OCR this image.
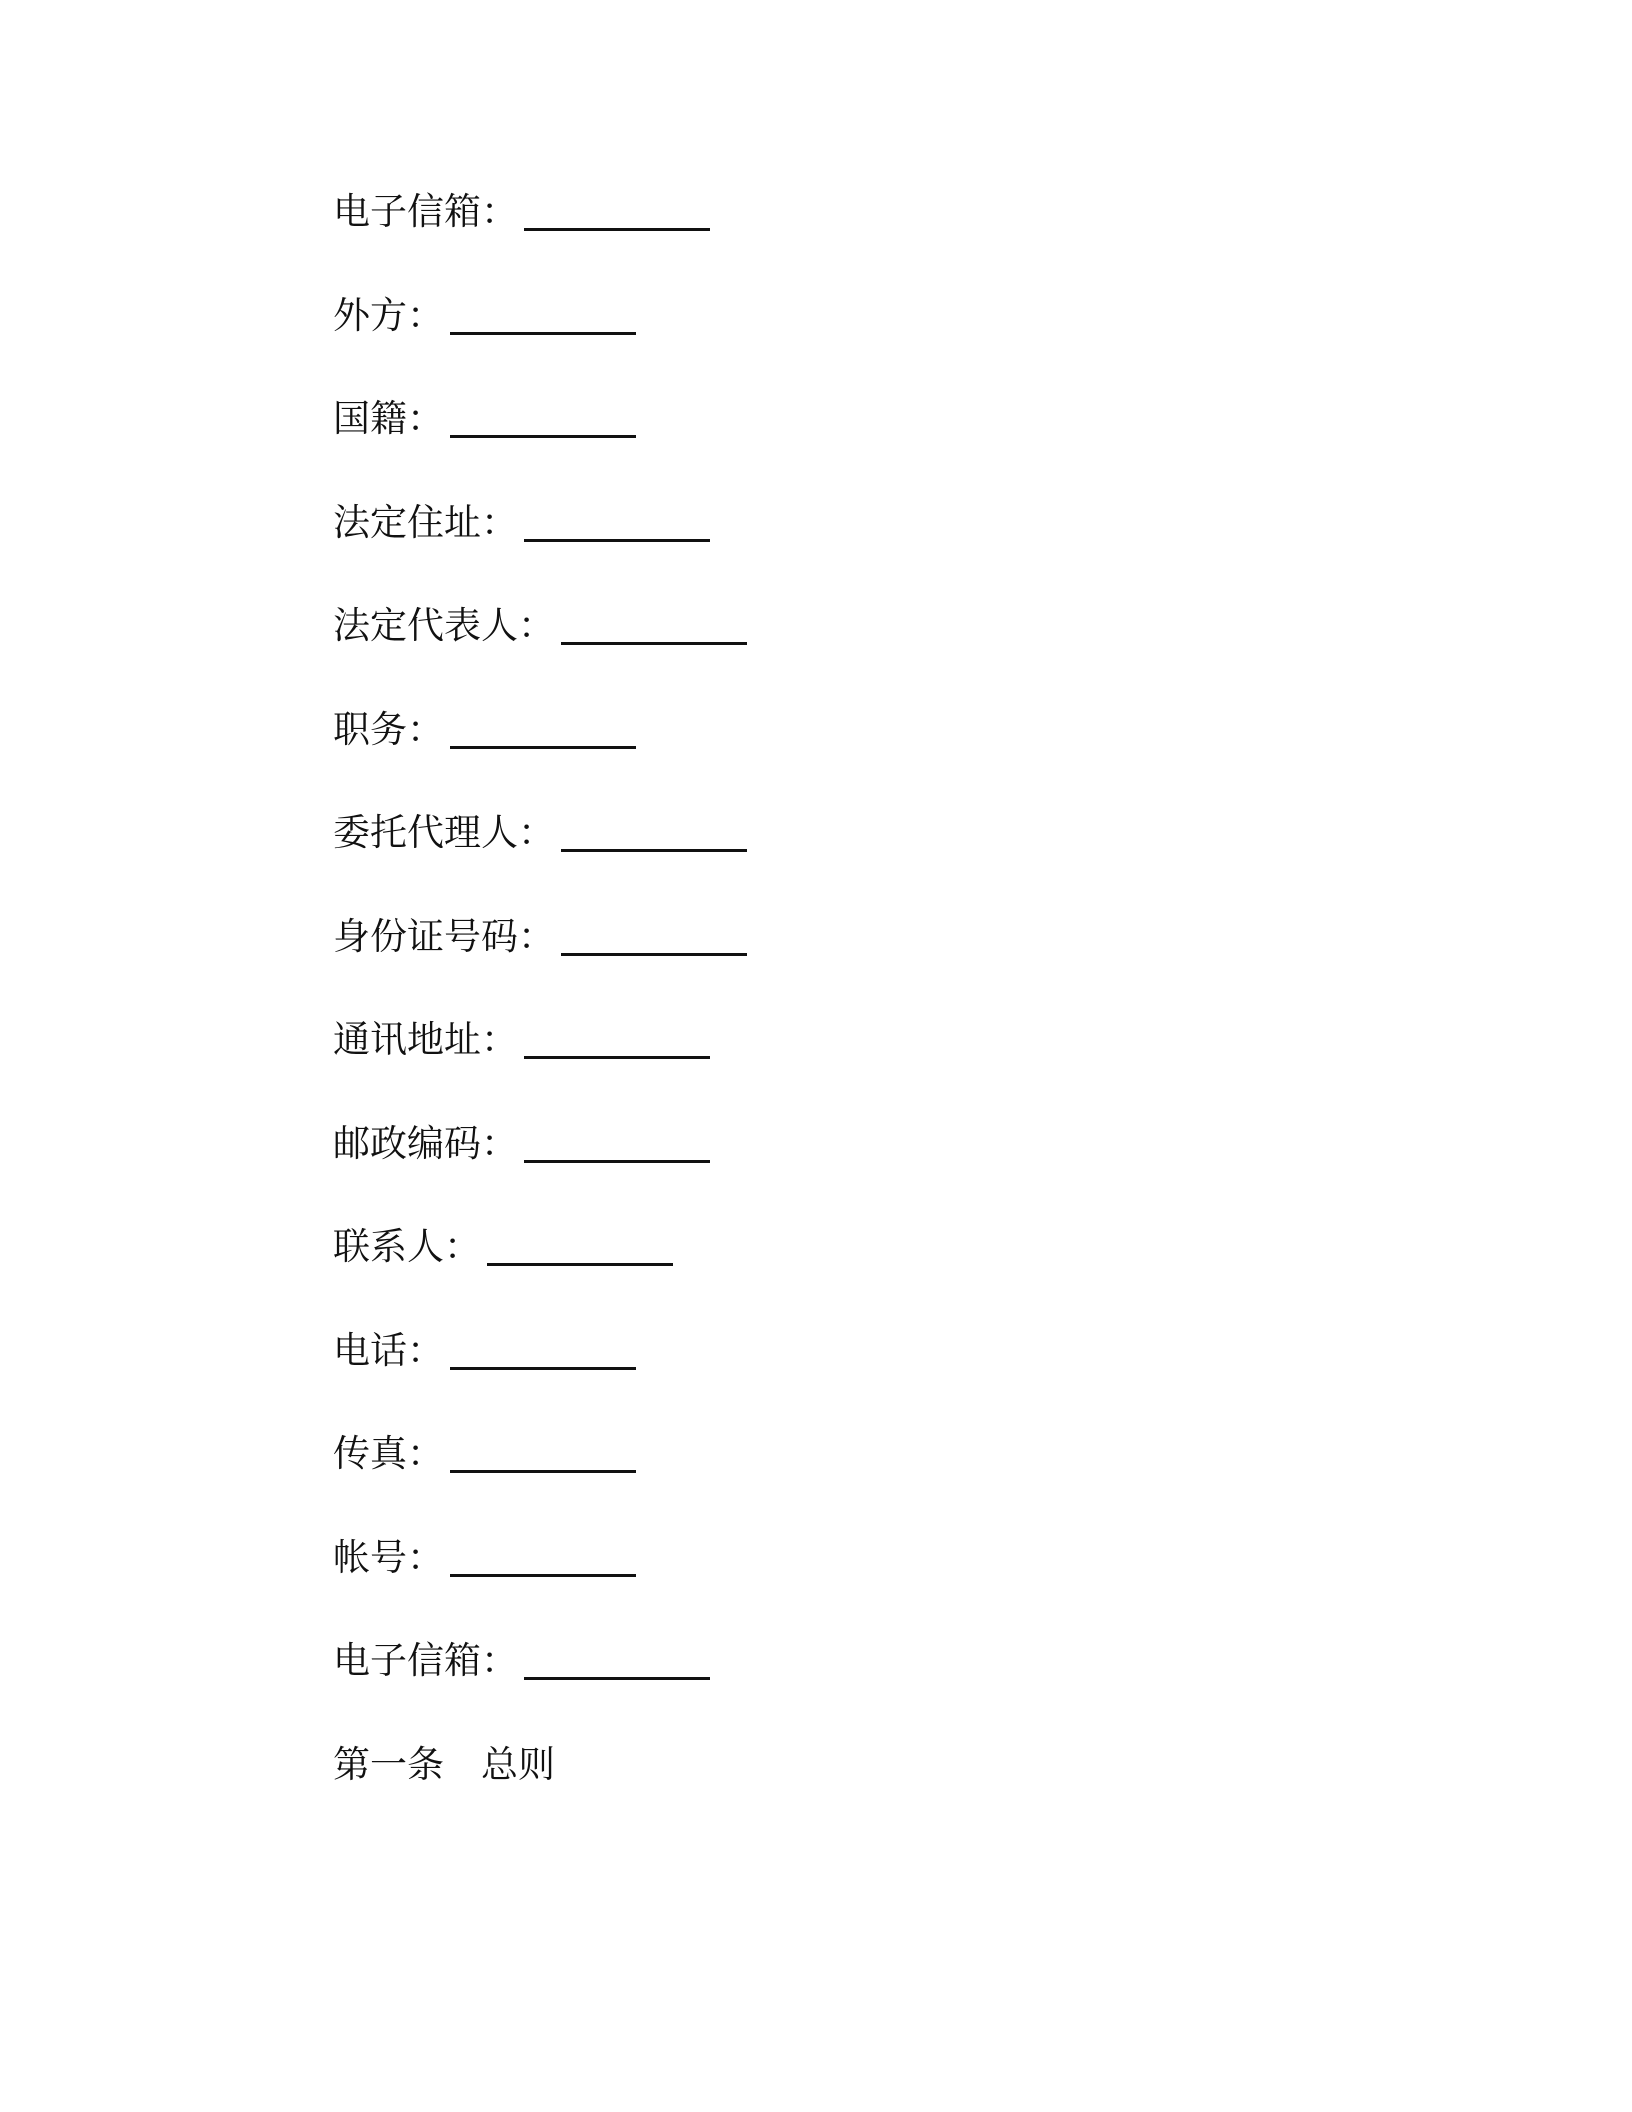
电子信箱 ：
外方 ：
国籍 ：
法定住址 ：
法定代表人 ：
职务 ：
委托代理人 ：
身份证号码 ：
通讯地址 ：
邮政编码 ：
联系人 ：
电话 ：
传真 ：
帐号 ：
电子信箱 ：
第一条　总则
